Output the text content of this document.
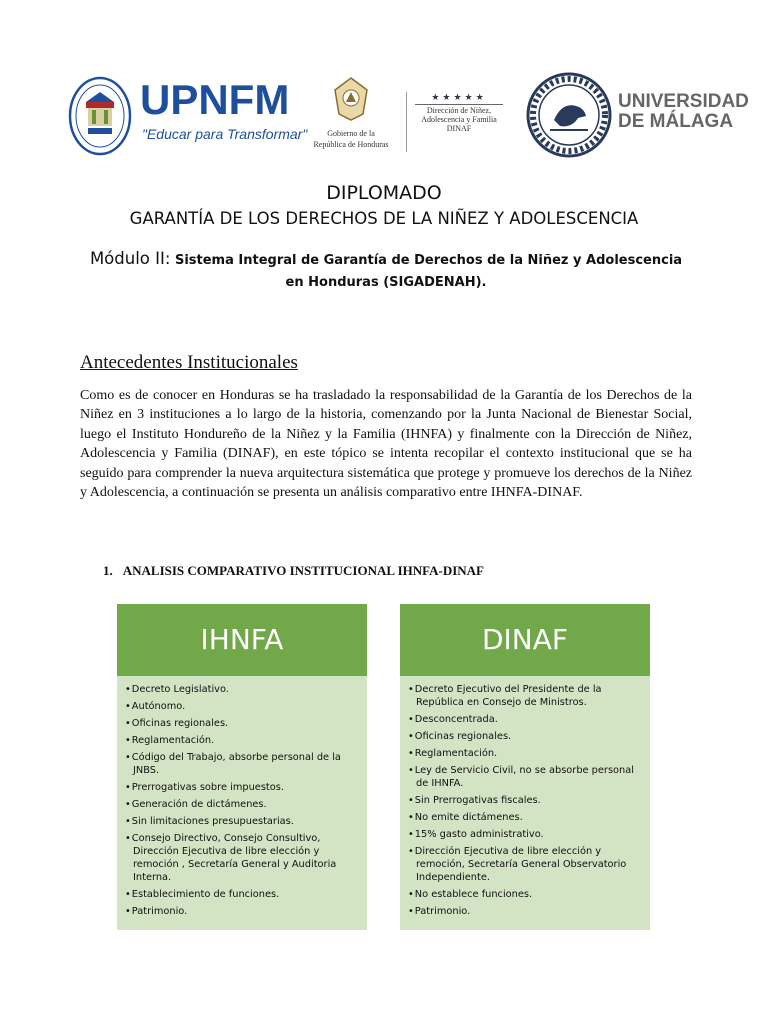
UPNFM
"Educar para Transformar"	Gobierno de la
República de Honduras
★★★★★
Dirección de Niñez,
Adolescencia y Familia
DINAF
UNIVERSIDAD
DE MÁLAGA
DIPLOMADO
GARANTÍA DE LOS DERECHOS DE LA NIÑEZ Y ADOLESCENCIA
Módulo II: Sistema Integral de Garantía de Derechos de la Niñez y Adolescencia en Honduras (SIGADENAH).
Antecedentes Institucionales
Como es de conocer en Honduras se ha trasladado la responsabilidad de la Garantía de los Derechos de la Niñez en 3 instituciones a lo largo de la historia, comenzando por la Junta Nacional de Bienestar Social, luego el Instituto Hondureño de la Niñez y la Familia (IHNFA) y finalmente con la Dirección de Niñez, Adolescencia y Familia (DINAF), en este tópico se intenta recopilar el contexto institucional que se ha seguido para comprender la nueva arquitectura sistemática que protege y promueve los derechos de la Niñez y Adolescencia, a continuación se presenta un análisis comparativo entre IHNFA-DINAF.
1. ANALISIS COMPARATIVO INSTITUCIONAL IHNFA-DINAF
IHNFA
• Decreto Legislativo.
• Autónomo.
• Oficinas regionales.
• Reglamentación.
• Código del Trabajo, absorbe personal de la JNBS.
• Prerrogativas sobre impuestos.
• Generación de dictámenes.
• Sin limitaciones presupuestarias.
• Consejo Directivo, Consejo Consultivo, Dirección Ejecutiva de libre elección y remoción , Secretaría General y Auditoria Interna.
• Establecimiento de funciones.
• Patrimonio.
DINAF
• Decreto Ejecutivo del Presidente de la República en Consejo de Ministros.
• Desconcentrada.
• Oficinas regionales.
• Reglamentación.
• Ley de Servicio Civil, no se absorbe personal de IHNFA.
• Sin Prerrogativas fiscales.
• No emite dictámenes.
• 15% gasto administrativo.
• Dirección Ejecutiva de libre elección y remoción, Secretaría General Observatorio Independiente.
• No establece funciones.
• Patrimonio.
